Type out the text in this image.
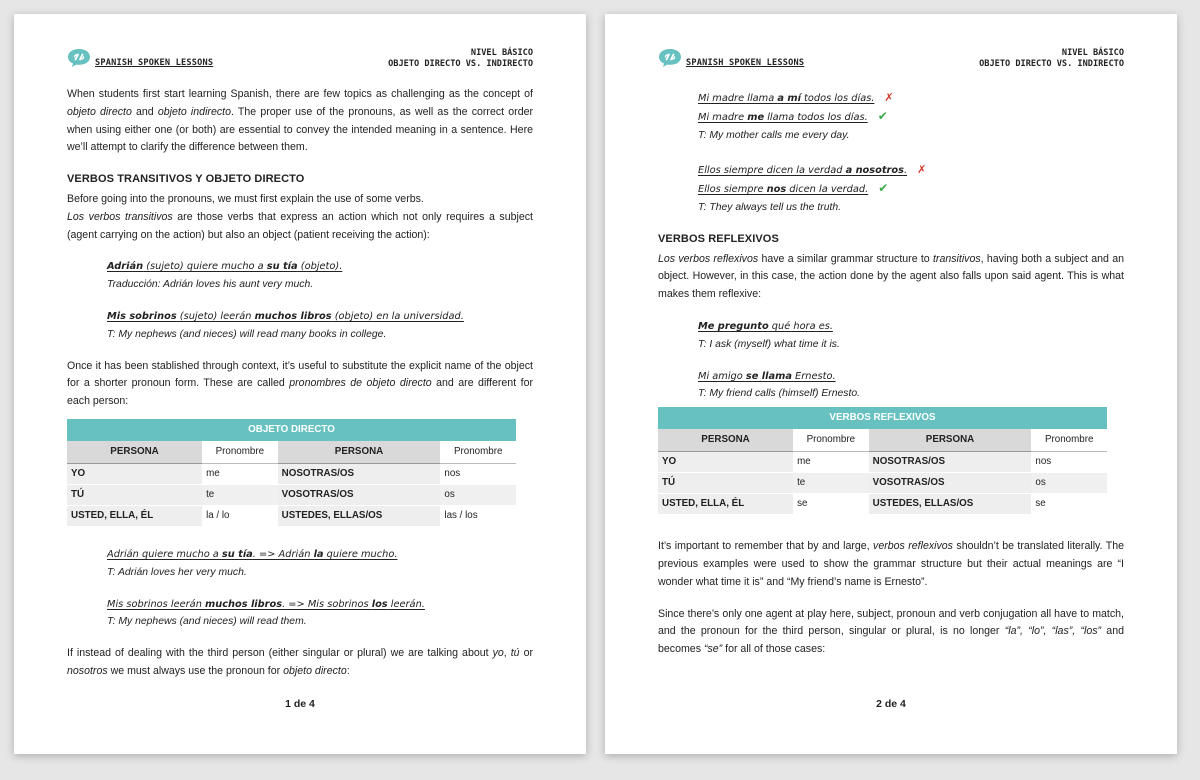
SPANISH SPOKEN LESSONS
NIVEL BÁSICO
OBJETO DIRECTO VS. INDIRECTO

When students first start learning Spanish, there are few topics as challenging as the concept of objeto directo and objeto indirecto. The proper use of the pronouns, as well as the correct order when using either one (or both) are essential to convey the intended meaning in a sentence. Here we’ll attempt to clarify the difference between them.

VERBOS TRANSITIVOS Y OBJETO DIRECTO

Before going into the pronouns, we must first explain the use of some verbs.

Los verbos transitivos are those verbs that express an action which not only requires a subject (agent carrying on the action) but also an object (patient receiving the action):

Adrián (sujeto) quiere mucho a su tía (objeto).
Traducción: Adrián loves his aunt very much.
Mis sobrinos (sujeto) leerán muchos libros (objeto) en la universidad.
T: My nephews (and nieces) will read many books in college.

Once it has been stablished through context, it’s useful to substitute the explicit name of the object for a shorter pronoun form. These are called pronombres de objeto directo and are different for each person:

OBJETO DIRECTO			
PERSONA	Pronombre	PERSONA	Pronombre
YO	me	NOSOTRAS/OS	nos
TÚ	te	VOSOTRAS/OS	os
USTED, ELLA, ÉL	la / lo	USTEDES, ELLAS/OS	las / los
Adrián quiere mucho a su tía. => Adrián la quiere mucho.
T: Adrián loves her very much.
Mis sobrinos leerán muchos libros. => Mis sobrinos los leerán.
T: My nephews (and nieces) will read them.

If instead of dealing with the third person (either singular or plural) we are talking about yo, tú or nosotros we must always use the pronoun for objeto directo:

1 de 4
SPANISH SPOKEN LESSONS
NIVEL BÁSICO
OBJETO DIRECTO VS. INDIRECTO
Mi madre llama a mí todos los días. ✗
Mi madre me llama todos los días. ✔
T: My mother calls me every day.
Ellos siempre dicen la verdad a nosotros. ✗
Ellos siempre nos dicen la verdad. ✔
T: They always tell us the truth.
VERBOS REFLEXIVOS

Los verbos reflexivos have a similar grammar structure to transitivos, having both a subject and an object. However, in this case, the action done by the agent also falls upon said agent. This is what makes them reflexive:

Me pregunto qué hora es.
T: I ask (myself) what time it is.
Mi amigo se llama Ernesto.
T: My friend calls (himself) Ernesto.
VERBOS REFLEXIVOS			
PERSONA	Pronombre	PERSONA	Pronombre
YO	me	NOSOTRAS/OS	nos
TÚ	te	VOSOTRAS/OS	os
USTED, ELLA, ÉL	se	USTEDES, ELLAS/OS	se

It’s important to remember that by and large, verbos reflexivos shouldn’t be translated literally. The previous examples were used to show the grammar structure but their actual meanings are “I wonder what time it is” and “My friend’s name is Ernesto”.

Since there’s only one agent at play here, subject, pronoun and verb conjugation all have to match, and the pronoun for the third person, singular or plural, is no longer “la”, “lo”, “las”, “los” and becomes “se” for all of those cases:

2 de 4
